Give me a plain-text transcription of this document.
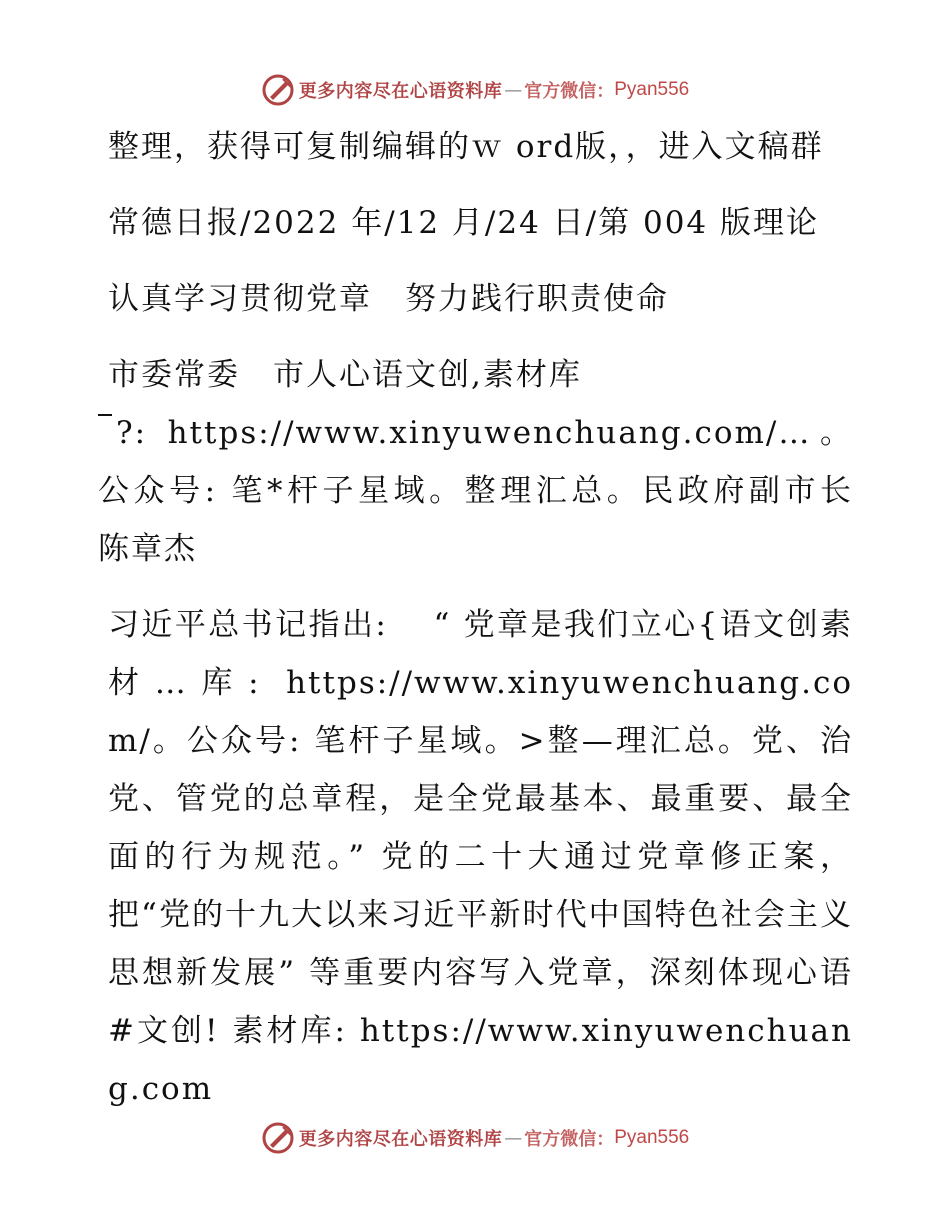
更多内容尽在心语资料库 — 官方微信： Pyan556

整理，获得可复制编辑的ｗ ord版，，进入文稿群

常德日报/2022 年/12 月/24 日/第 004 版理论

认真学习贯彻党章　努力践行职责使命

市委常委　市人心语文创,素材库

?: https://www.xinyuwenchuang.com/…。公众号: 笔*杆子星域。整理汇总。民政府副市长　陈章杰

习近平总书记指出: 　“ 党章是我们立心{语文创素材…库: https://www.xinyuwenchuang.com/。公众号: 笔杆子星域。>整—理汇总。党、治党、管党的总章程，是全党最基本、最重要、最全面的行为规范。” 党的二十大通过党章修正案，把“党的十九大以来习近平新时代中国特色社会主义思想新发展” 等重要内容写入党章，深刻体现心语#文创! 素材库: https://www.xinyuwenchuang.com

更多内容尽在心语资料库 — 官方微信： Pyan556
